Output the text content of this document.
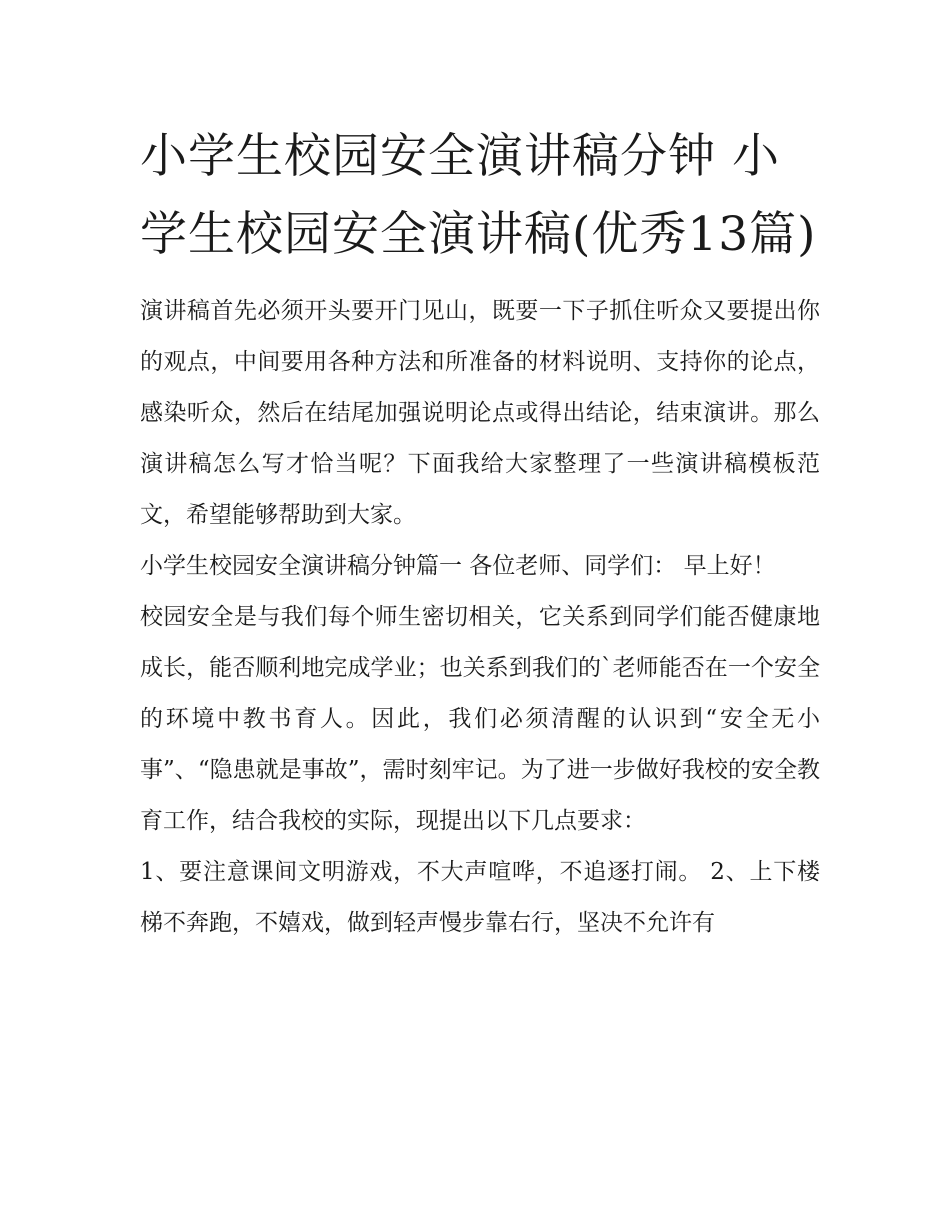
小学生校园安全演讲稿分钟 小学生校园安全演讲稿(优秀13篇)

演讲稿首先必须开头要开门见山，既要一下子抓住听众又要提出你的观点，中间要用各种方法和所准备的材料说明、支持你的论点，感染听众，然后在结尾加强说明论点或得出结论，结束演讲。那么演讲稿怎么写才恰当呢？下面我给大家整理了一些演讲稿模板范文，希望能够帮助到大家。

小学生校园安全演讲稿分钟篇一 各位老师、同学们： 早上好！

校园安全是与我们每个师生密切相关，它关系到同学们能否健康地成长，能否顺利地完成学业；也关系到我们的`老师能否在一个安全的环境中教书育人。因此，我们必须清醒的认识到“安全无小事”、“隐患就是事故”，需时刻牢记。为了进一步做好我校的安全教育工作，结合我校的实际，现提出以下几点要求：

1、要注意课间文明游戏，不大声喧哗，不追逐打闹。 2、上下楼梯不奔跑，不嬉戏，做到轻声慢步靠右行，坚决不允许有
